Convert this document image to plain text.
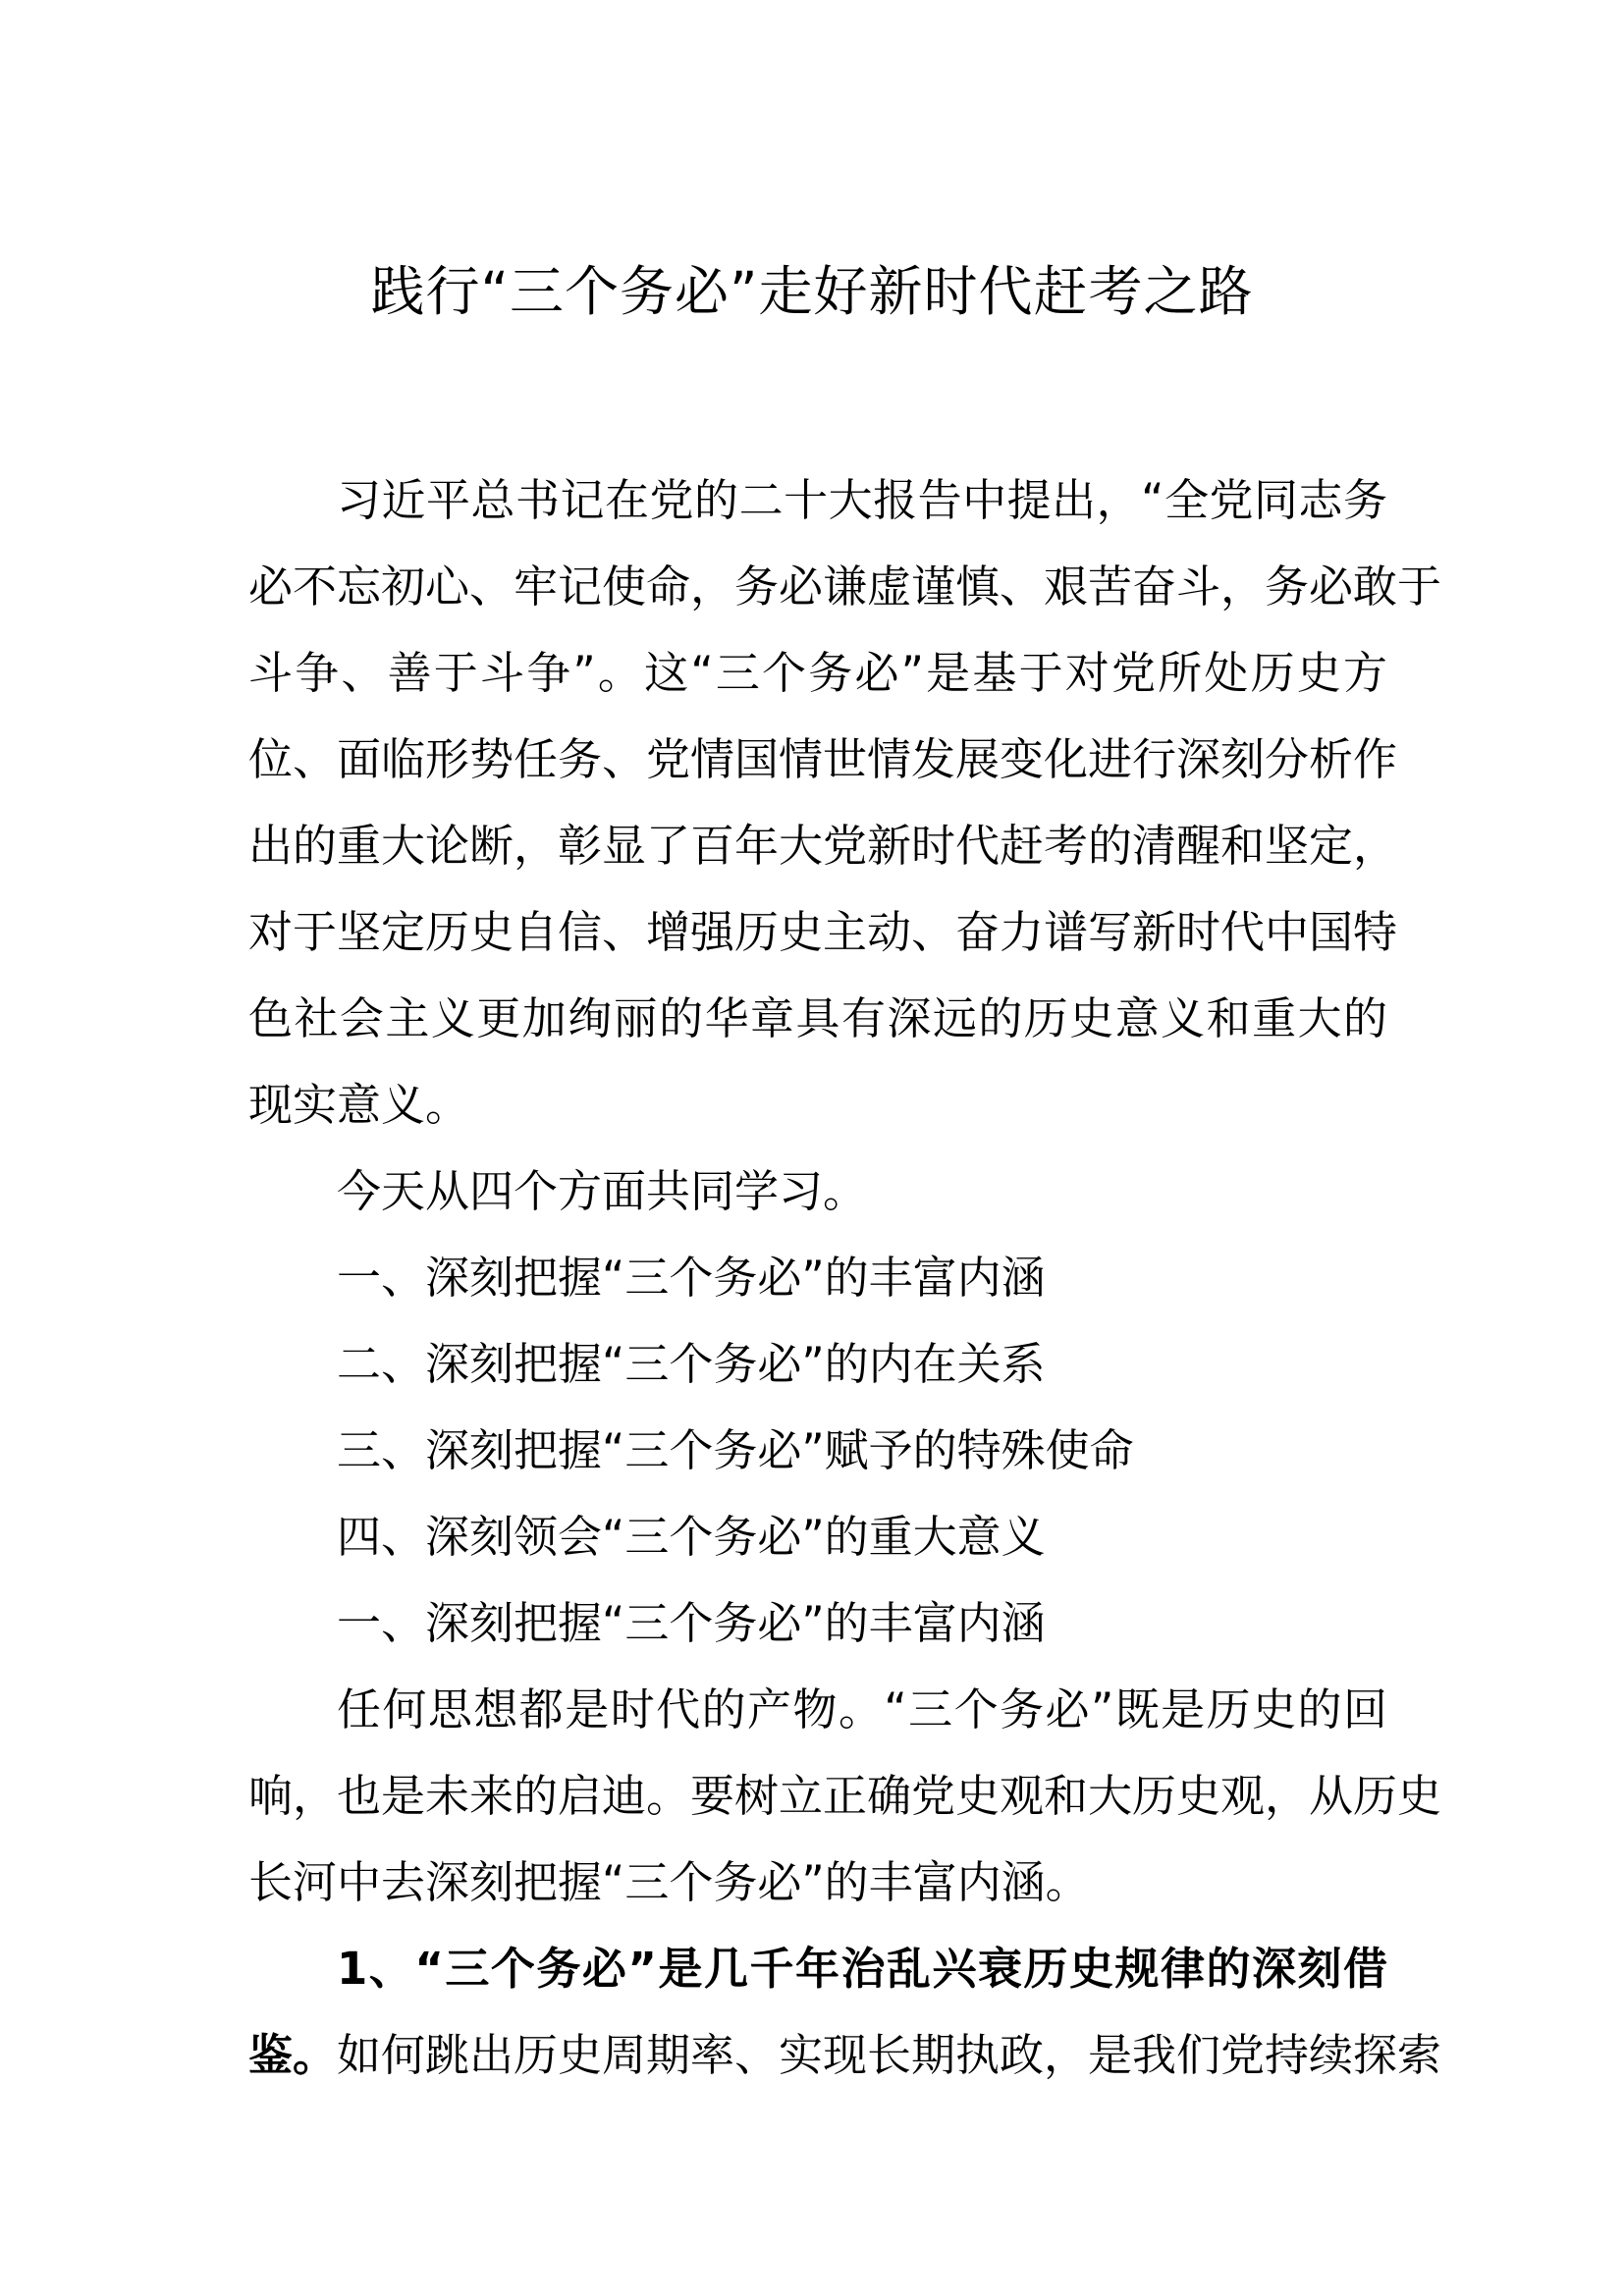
践行“三个务必”走好新时代赶考之路
习近平总书记在党的二十大报告中提出，“全党同志务
必不忘初心、牢记使命，务必谦虚谨慎、艰苦奋斗，务必敢于
斗争、善于斗争”。这“三个务必”是基于对党所处历史方
位、面临形势任务、党情国情世情发展变化进行深刻分析作
出的重大论断，彰显了百年大党新时代赶考的清醒和坚定，
对于坚定历史自信、增强历史主动、奋力谱写新时代中国特
色社会主义更加绚丽的华章具有深远的历史意义和重大的
现实意义。
今天从四个方面共同学习。
一、深刻把握“三个务必”的丰富内涵
二、深刻把握“三个务必”的内在关系
三、深刻把握“三个务必”赋予的特殊使命
四、深刻领会“三个务必”的重大意义
一、深刻把握“三个务必”的丰富内涵
任何思想都是时代的产物。“三个务必”既是历史的回
响，也是未来的启迪。要树立正确党史观和大历史观，从历史
长河中去深刻把握“三个务必”的丰富内涵。
1、“三个务必”是几千年治乱兴衰历史规律的深刻借
鉴。如何跳出历史周期率、实现长期执政，是我们党持续探索
